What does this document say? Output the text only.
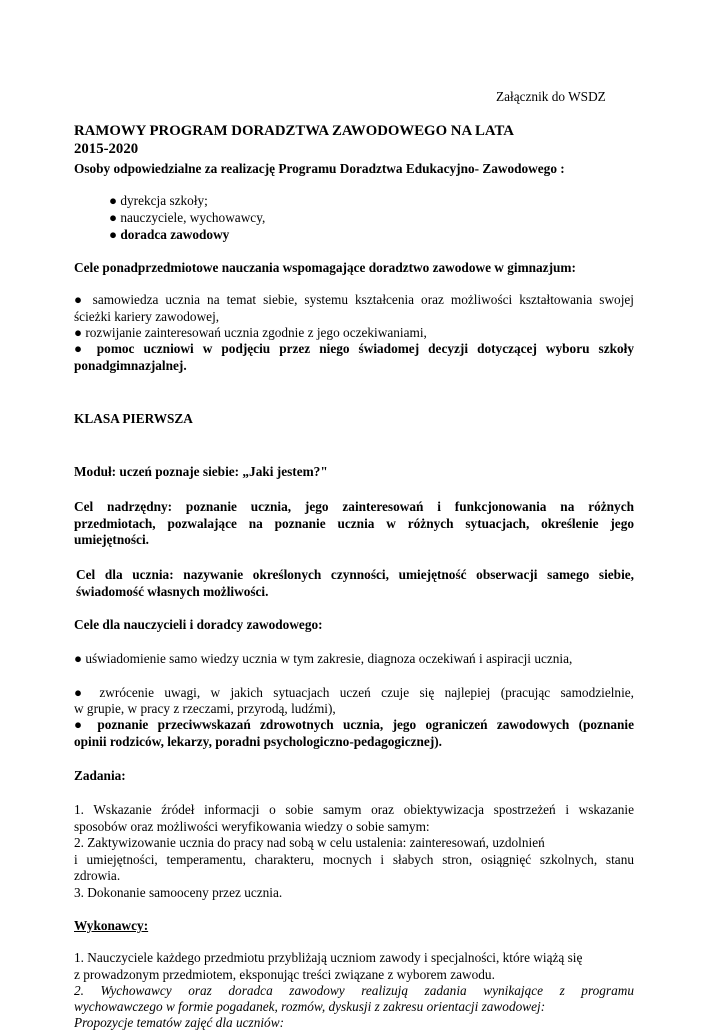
Załącznik do WSDZ
RAMOWY PROGRAM DORADZTWA ZAWODOWEGO NA LATA
2015-2020
Osoby odpowiedzialne za realizację Programu Doradztwa Edukacyjno- Zawodowego :
● dyrekcja szkoły;
● nauczyciele, wychowawcy,
● doradca zawodowy
Cele ponadprzedmiotowe nauczania wspomagające doradztwo zawodowe w gimnazjum:
● samowiedza ucznia na temat siebie, systemu kształcenia oraz możliwości kształtowania swojej
ścieżki kariery zawodowej,
● rozwijanie zainteresowań ucznia zgodnie z jego oczekiwaniami,
● pomoc uczniowi w podjęciu przez niego świadomej decyzji dotyczącej wyboru szkoły
ponadgimnazjalnej.
KLASA PIERWSZA
Moduł: uczeń poznaje siebie: „Jaki jestem?"
Cel nadrzędny: poznanie ucznia, jego zainteresowań i funkcjonowania na różnych
przedmiotach, pozwalające na poznanie ucznia w różnych sytuacjach, określenie jego
umiejętności.
Cel dla ucznia: nazywanie określonych czynności, umiejętność obserwacji samego siebie,
świadomość własnych możliwości.
Cele dla nauczycieli i doradcy zawodowego:
● uświadomienie samo wiedzy ucznia w tym zakresie, diagnoza oczekiwań i aspiracji ucznia,
● zwrócenie uwagi, w jakich sytuacjach uczeń czuje się najlepiej (pracując samodzielnie,
w grupie, w pracy z rzeczami, przyrodą, ludźmi),
● poznanie przeciwwskazań zdrowotnych ucznia, jego ograniczeń zawodowych (poznanie
opinii rodziców, lekarzy, poradni psychologiczno-pedagogicznej).
Zadania:
1. Wskazanie źródeł informacji o sobie samym oraz obiektywizacja spostrzeżeń i wskazanie
sposobów oraz możliwości weryfikowania wiedzy o sobie samym:
2. Zaktywizowanie ucznia do pracy nad sobą w celu ustalenia: zainteresowań, uzdolnień
i umiejętności, temperamentu, charakteru, mocnych i słabych stron, osiągnięć szkolnych, stanu
zdrowia.
3. Dokonanie samooceny przez ucznia.
Wykonawcy:
1. Nauczyciele każdego przedmiotu przybliżają uczniom zawody i specjalności, które wiążą się
z prowadzonym przedmiotem, eksponując treści związane z wyborem zawodu.
2. Wychowawcy oraz doradca zawodowy realizują zadania wynikające z programu
wychowawczego w formie pogadanek, rozmów, dyskusji z zakresu orientacji zawodowej:
Propozycje tematów zajęć dla uczniów:
